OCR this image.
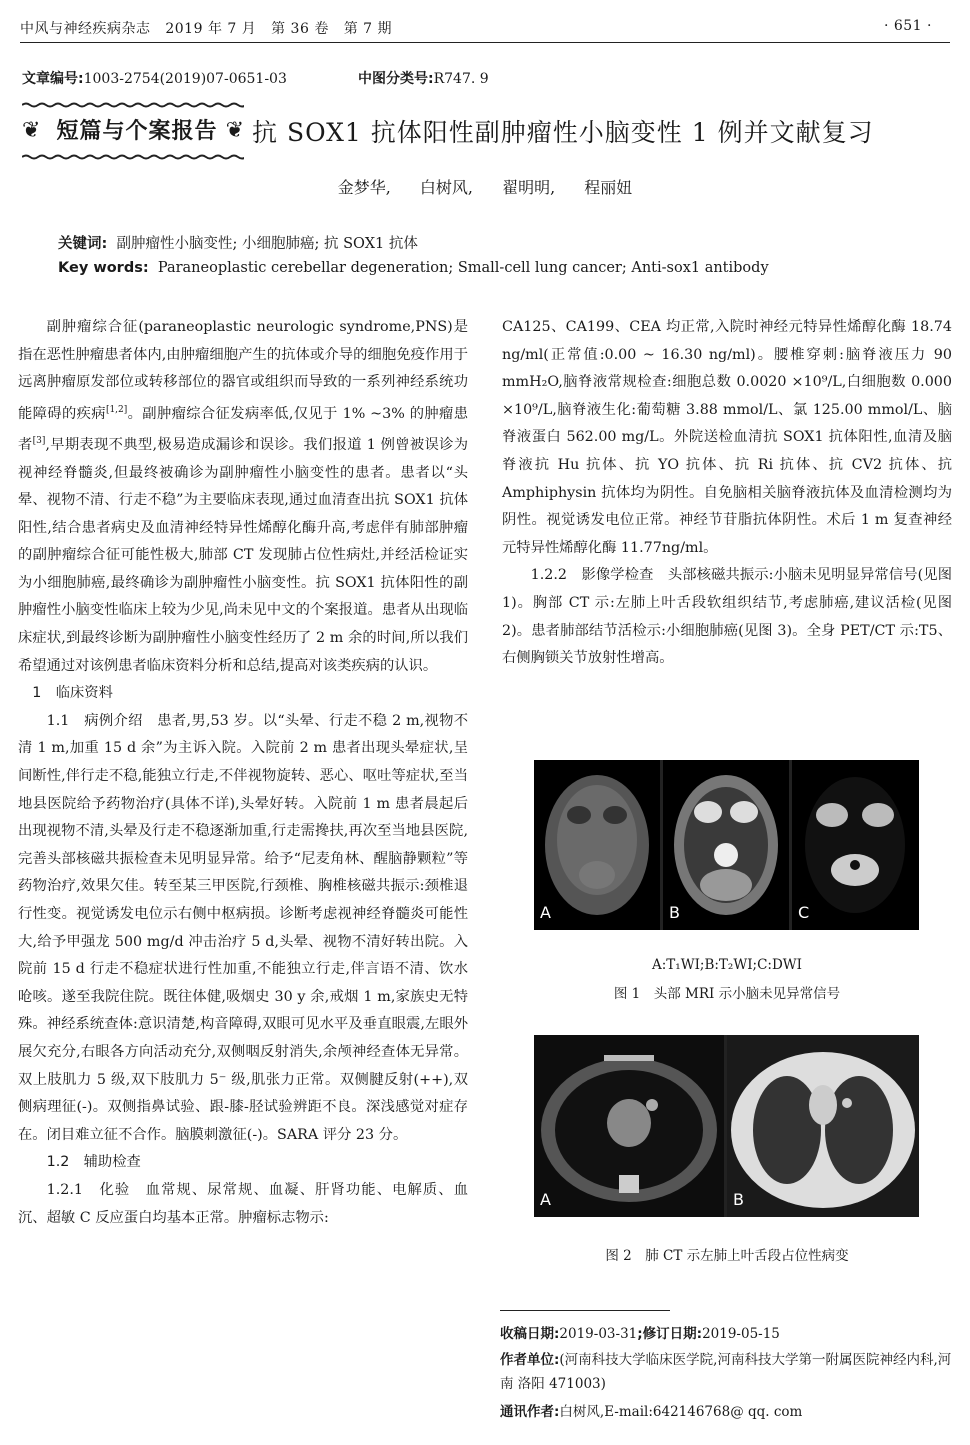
中风与神经疾病杂志 2019 年 7 月 第 36 卷 第 7 期	· 651 ·
文章编号:1003-2754(2019)07-0651-03	中图分类号:R747. 9
❦ 短篇与个案报告 ❦ 抗 SOX1 抗体阳性副肿瘤性小脑变性 1 例并文献复习
金梦华, 白树风, 翟明明, 程丽妞
关键词: 副肿瘤性小脑变性; 小细胞肺癌; 抗 SOX1 抗体
Key words: Paraneoplastic cerebellar degeneration; Small-cell lung cancer; Anti-sox1 antibody

副肿瘤综合征(paraneoplastic neurologic syndrome,PNS)是指在恶性肿瘤患者体内,由肿瘤细胞产生的抗体或介导的细胞免疫作用于远离肿瘤原发部位或转移部位的器官或组织而导致的一系列神经系统功能障碍的疾病[1,2]。副肿瘤综合征发病率低,仅见于 1% ~3% 的肿瘤患者[3],早期表现不典型,极易造成漏诊和误诊。我们报道 1 例曾被误诊为视神经脊髓炎,但最终被确诊为副肿瘤性小脑变性的患者。患者以“头晕、视物不清、行走不稳”为主要临床表现,通过血清查出抗 SOX1 抗体阳性,结合患者病史及血清神经特异性烯醇化酶升高,考虑伴有肺部肿瘤的副肿瘤综合征可能性极大,肺部 CT 发现肺占位性病灶,并经活检证实为小细胞肺癌,最终确诊为副肿瘤性小脑变性。抗 SOX1 抗体阳性的副肿瘤性小脑变性临床上较为少见,尚未见中文的个案报道。患者从出现临床症状,到最终诊断为副肿瘤性小脑变性经历了 2 m 余的时间,所以我们希望通过对该例患者临床资料分析和总结,提高对该类疾病的认识。

1　临床资料

1.1　病例介绍　患者,男,53 岁。以“头晕、行走不稳 2 m,视物不清 1 m,加重 15 d 余”为主诉入院。入院前 2 m 患者出现头晕症状,呈间断性,伴行走不稳,能独立行走,不伴视物旋转、恶心、呕吐等症状,至当地县医院给予药物治疗(具体不详),头晕好转。入院前 1 m 患者晨起后出现视物不清,头晕及行走不稳逐渐加重,行走需搀扶,再次至当地县医院,完善头部核磁共振检查未见明显异常。给予“尼麦角林、醒脑静颗粒”等药物治疗,效果欠佳。转至某三甲医院,行颈椎、胸椎核磁共振示:颈椎退行性变。视觉诱发电位示右侧中枢病损。诊断考虑视神经脊髓炎可能性大,给予甲强龙 500 mg/d 冲击治疗 5 d,头晕、视物不清好转出院。入院前 15 d 行走不稳症状进行性加重,不能独立行走,伴言语不清、饮水呛咳。遂至我院住院。既往体健,吸烟史 30 y 余,戒烟 1 m,家族史无特殊。神经系统查体:意识清楚,构音障碍,双眼可见水平及垂直眼震,左眼外展欠充分,右眼各方向活动充分,双侧咽反射消失,余颅神经查体无异常。双上肢肌力 5 级,双下肢肌力 5⁻ 级,肌张力正常。双侧腱反射(++),双侧病理征(-)。双侧指鼻试验、跟-膝-胫试验辨距不良。深浅感觉对症存在。闭目难立征不合作。脑膜刺激征(-)。SARA 评分 23 分。

1.2　辅助检查

1.2.1　化验　血常规、尿常规、血凝、肝肾功能、电解质、血沉、超敏 C 反应蛋白均基本正常。肿瘤标志物示:

CA125、CA199、CEA 均正常,入院时神经元特异性烯醇化酶 18.74 ng/ml(正常值:0.00 ~ 16.30 ng/ml)。腰椎穿刺:脑脊液压力 90 mmH₂O,脑脊液常规检查:细胞总数 0.0020 ×10⁹/L,白细胞数 0.000 ×10⁹/L,脑脊液生化:葡萄糖 3.88 mmol/L、氯 125.00 mmol/L、脑脊液蛋白 562.00 mg/L。外院送检血清抗 SOX1 抗体阳性,血清及脑脊液抗 Hu 抗体、抗 YO 抗体、抗 Ri 抗体、抗 CV2 抗体、抗 Amphiphysin 抗体均为阴性。自免脑相关脑脊液抗体及血清检测均为阴性。视觉诱发电位正常。神经节苷脂抗体阴性。术后 1 m 复查神经元特异性烯醇化酶 11.77ng/ml。

1.2.2　影像学检查　头部核磁共振示:小脑未见明显异常信号(见图 1)。胸部 CT 示:左肺上叶舌段软组织结节,考虑肺癌,建议活检(见图 2)。患者肺部结节活检示:小细胞肺癌(见图 3)。全身 PET/CT 示:T5、右侧胸锁关节放射性增高。

A	B	C
A:T₁WI;B:T₂WI;C:DWI
图 1　头部 MRI 示小脑未见异常信号
A	B
图 2　肺 CT 示左肺上叶舌段占位性病变
收稿日期:2019-03-31;修订日期:2019-05-15
作者单位:(河南科技大学临床医学院,河南科技大学第一附属医院神经内科,河南 洛阳 471003)
通讯作者:白树风,E-mail:642146768@ qq. com
